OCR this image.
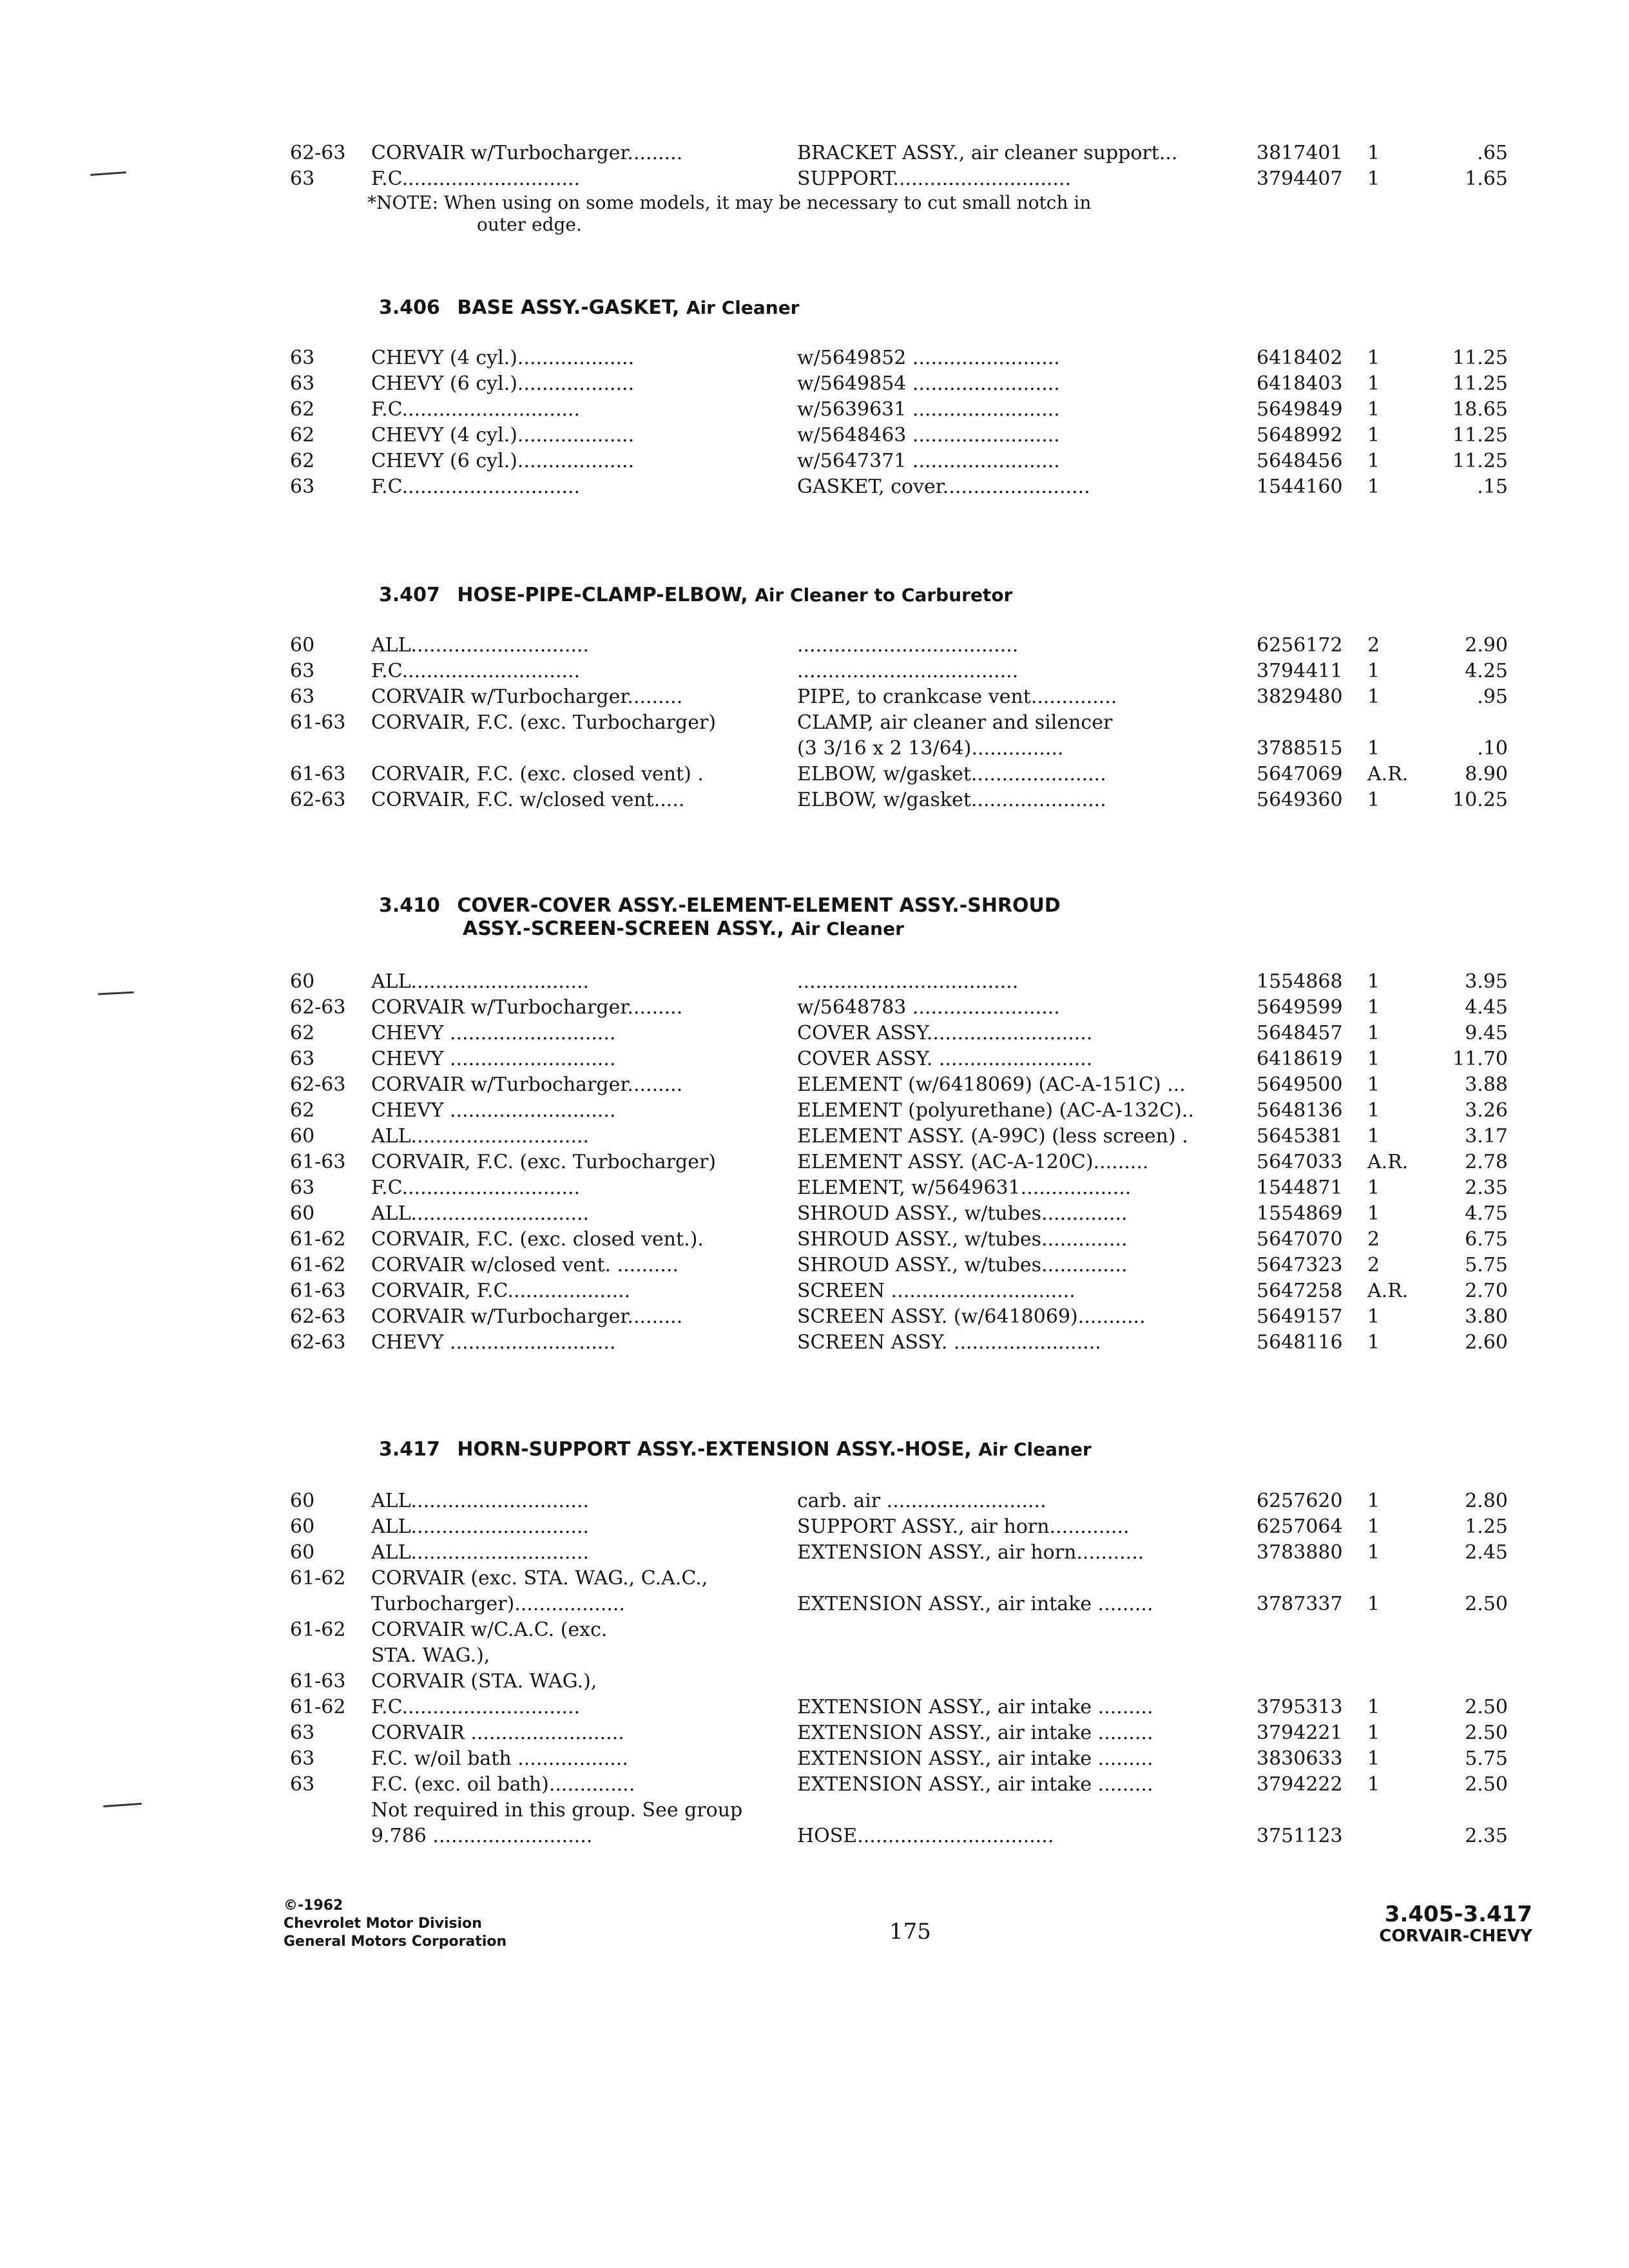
62-63 CORVAIR w/Turbocharger.........	BRACKET ASSY., air cleaner support...	3817401 1	.65
63	F.C.............................	SUPPORT.............................	3794407 1	1.65
*NOTE: When using on some models, it may be necessary to cut small notch in
outer edge.
3.406 BASE ASSY.-GASKET, Air Cleaner
63	CHEVY (4 cyl.)...................	w/5649852 ........................	6418402 1	11.25
63	CHEVY (6 cyl.)...................	w/5649854 ........................	6418403 1	11.25
62	F.C.............................	w/5639631 ........................	5649849 1	18.65
62	CHEVY (4 cyl.)...................	w/5648463 ........................	5648992 1	11.25
62	CHEVY (6 cyl.)...................	w/5647371 ........................	5648456 1	11.25
63	F.C.............................	GASKET, cover........................	1544160 1	.15
3.407 HOSE-PIPE-CLAMP-ELBOW, Air Cleaner to Carburetor
60	ALL.............................	....................................	6256172 2	2.90
63	F.C.............................	....................................	3794411 1	4.25
63	CORVAIR w/Turbocharger.........	PIPE, to crankcase vent..............	3829480 1	.95
61-63 CORVAIR, F.C. (exc. Turbocharger)	CLAMP, air cleaner and silencer
(3 3/16 x 2 13/64)...............	3788515 1	.10
61-63 CORVAIR, F.C. (exc. closed vent) .	ELBOW, w/gasket......................	5647069 A.R.	8.90
62-63 CORVAIR, F.C. w/closed vent.....	ELBOW, w/gasket......................	5649360 1	10.25
3.410 COVER-COVER ASSY.-ELEMENT-ELEMENT ASSY.-SHROUD
ASSY.-SCREEN-SCREEN ASSY., Air Cleaner
60	ALL.............................	....................................	1554868 1	3.95
62-63 CORVAIR w/Turbocharger.........	w/5648783 ........................	5649599 1	4.45
62	CHEVY ...........................	COVER ASSY...........................	5648457 1	9.45
63	CHEVY ...........................	COVER ASSY. .........................	6418619 1	11.70
62-63 CORVAIR w/Turbocharger.........	ELEMENT (w/6418069) (AC-A-151C) ...	5649500 1	3.88
62	CHEVY ...........................	ELEMENT (polyurethane) (AC-A-132C)..	5648136 1	3.26
60	ALL.............................	ELEMENT ASSY. (A-99C) (less screen) .	5645381 1	3.17
61-63 CORVAIR, F.C. (exc. Turbocharger)	ELEMENT ASSY. (AC-A-120C).........	5647033 A.R.	2.78
63	F.C.............................	ELEMENT, w/5649631..................	1544871 1	2.35
60	ALL.............................	SHROUD ASSY., w/tubes..............	1554869 1	4.75
61-62 CORVAIR, F.C. (exc. closed vent.).	SHROUD ASSY., w/tubes..............	5647070 2	6.75
61-62 CORVAIR w/closed vent. ..........	SHROUD ASSY., w/tubes..............	5647323 2	5.75
61-63 CORVAIR, F.C....................	SCREEN ..............................	5647258 A.R.	2.70
62-63 CORVAIR w/Turbocharger.........	SCREEN ASSY. (w/6418069)...........	5649157 1	3.80
62-63 CHEVY ...........................	SCREEN ASSY. ........................	5648116 1	2.60
3.417 HORN-SUPPORT ASSY.-EXTENSION ASSY.-HOSE, Air Cleaner
60	ALL.............................	carb. air ..........................	6257620 1	2.80
60	ALL.............................	SUPPORT ASSY., air horn.............	6257064 1	1.25
60	ALL.............................	EXTENSION ASSY., air horn...........	3783880 1	2.45
61-62 CORVAIR (exc. STA. WAG., C.A.C.,
Turbocharger)..................	EXTENSION ASSY., air intake .........	3787337 1	2.50
61-62 CORVAIR w/C.A.C. (exc.
STA. WAG.),
61-63 CORVAIR (STA. WAG.),
61-62 F.C.............................	EXTENSION ASSY., air intake .........	3795313 1	2.50
63	CORVAIR .........................	EXTENSION ASSY., air intake .........	3794221 1	2.50
63	F.C. w/oil bath ..................	EXTENSION ASSY., air intake .........	3830633 1	5.75
63	F.C. (exc. oil bath)..............	EXTENSION ASSY., air intake .........	3794222 1	2.50
Not required in this group. See group
9.786 ..........................	HOSE................................	3751123	2.35
©-1962
Chevrolet Motor Division
General Motors Corporation	175
3.405-3.417
CORVAIR-CHEVY
